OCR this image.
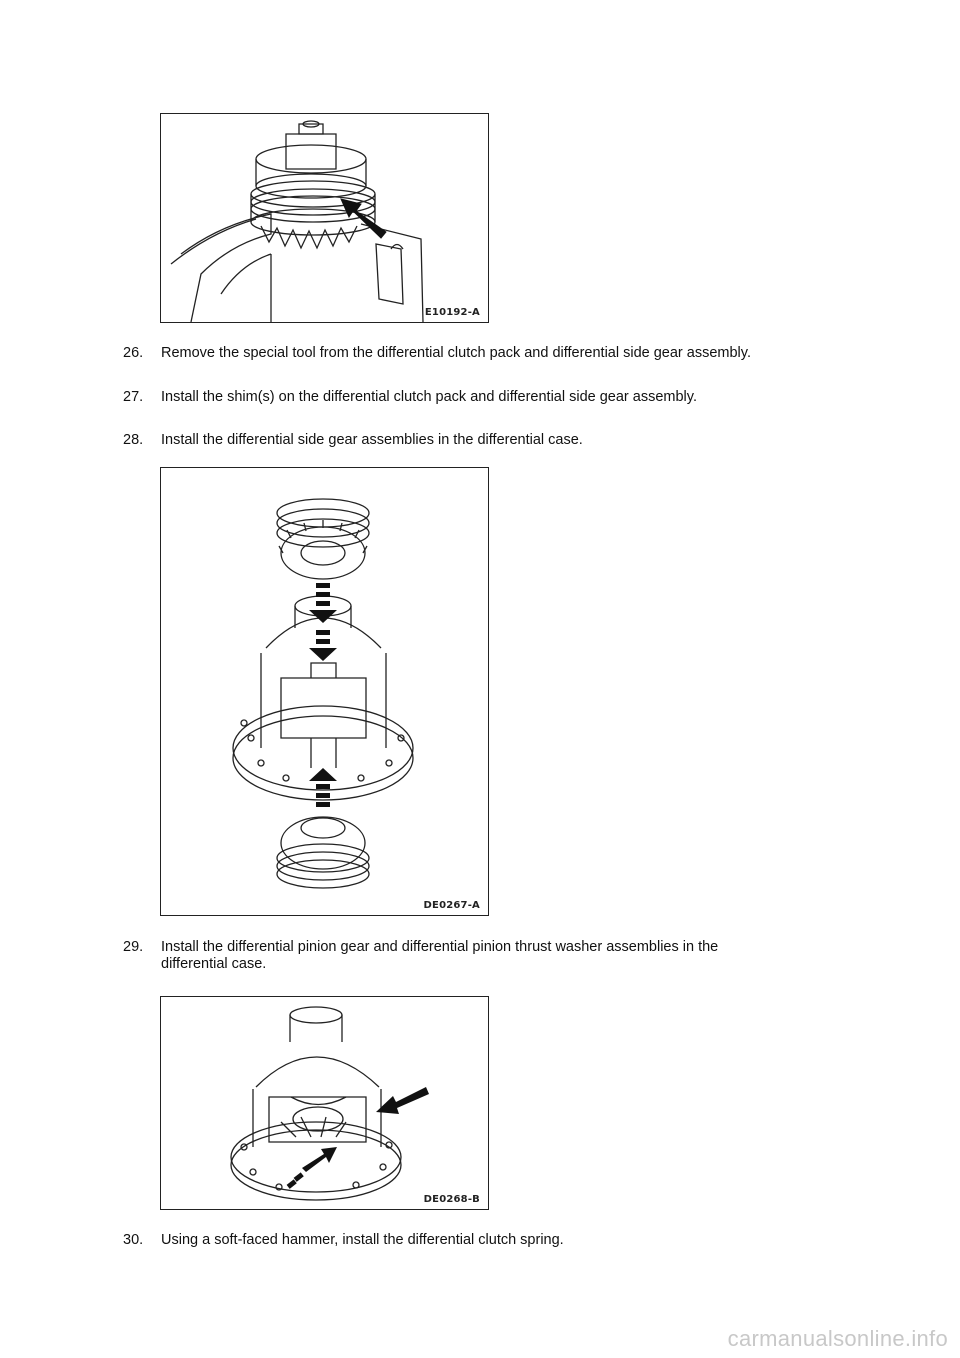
E10192-A
26. Remove the special tool from the differential clutch pack and differential side gear assembly.
27. Install the shim(s) on the differential clutch pack and differential side gear assembly.
28. Install the differential side gear assemblies in the differential case.
DE0267-A
29. Install the differential pinion gear and differential pinion thrust washer assemblies in the
differential case.
DE0268-B
30. Using a soft-faced hammer, install the differential clutch spring.
carmanualsonline.info
